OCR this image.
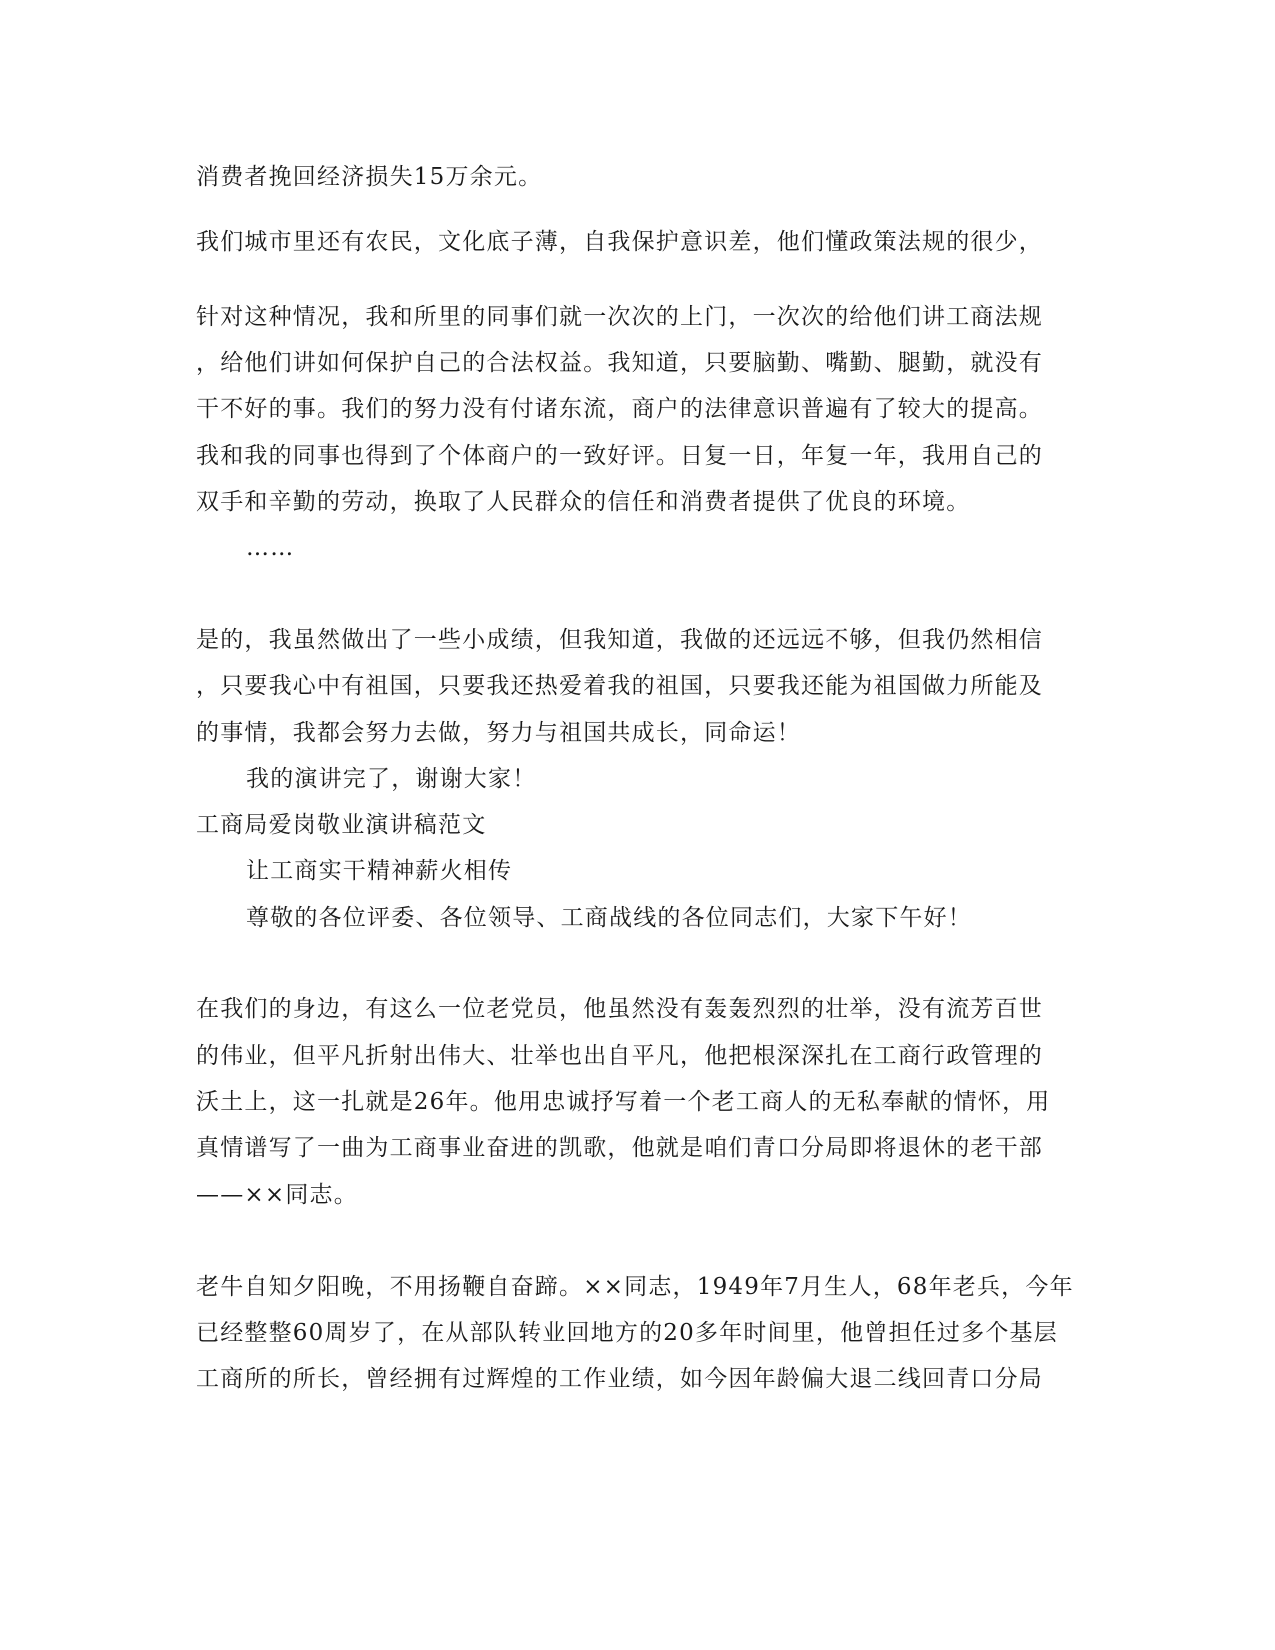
消费者挽回经济损失15万余元。
我们城市里还有农民，文化底子薄，自我保护意识差，他们懂政策法规的很少，
针对这种情况，我和所里的同事们就一次次的上门，一次次的给他们讲工商法规
，给他们讲如何保护自己的合法权益。我知道，只要脑勤、嘴勤、腿勤，就没有
干不好的事。我们的努力没有付诸东流，商户的法律意识普遍有了较大的提高。
我和我的同事也得到了个体商户的一致好评。日复一日，年复一年，我用自己的
双手和辛勤的劳动，换取了人民群众的信任和消费者提供了优良的环境。
……
是的，我虽然做出了一些小成绩，但我知道，我做的还远远不够，但我仍然相信
，只要我心中有祖国，只要我还热爱着我的祖国，只要我还能为祖国做力所能及
的事情，我都会努力去做，努力与祖国共成长，同命运！
我的演讲完了，谢谢大家！
工商局爱岗敬业演讲稿范文
让工商实干精神薪火相传
尊敬的各位评委、各位领导、工商战线的各位同志们，大家下午好！
在我们的身边，有这么一位老党员，他虽然没有轰轰烈烈的壮举，没有流芳百世
的伟业，但平凡折射出伟大、壮举也出自平凡，他把根深深扎在工商行政管理的
沃土上，这一扎就是26年。他用忠诚抒写着一个老工商人的无私奉献的情怀，用
真情谱写了一曲为工商事业奋进的凯歌，他就是咱们青口分局即将退休的老干部
——××同志。
老牛自知夕阳晚，不用扬鞭自奋蹄。××同志，1949年7月生人，68年老兵，今年
已经整整60周岁了，在从部队转业回地方的20多年时间里，他曾担任过多个基层
工商所的所长，曾经拥有过辉煌的工作业绩，如今因年龄偏大退二线回青口分局
